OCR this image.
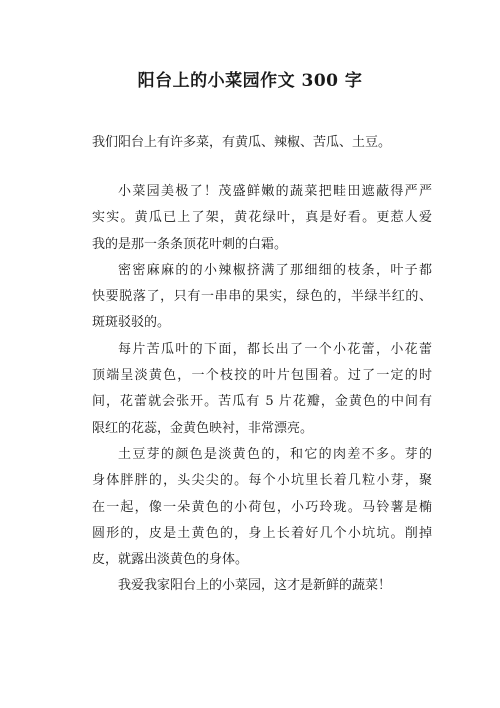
阳台上的小菜园作文 300 字
我们阳台上有许多菜，有黄瓜、辣椒、苦瓜、土豆。
小菜园美极了！茂盛鲜嫩的蔬菜把畦田遮蔽得严严
实实。黄瓜已上了架，黄花绿叶，真是好看。更惹人爱
我的是那一条条顶花叶刺的白霜。
密密麻麻的的小辣椒挤满了那细细的枝条，叶子都
快要脱落了，只有一串串的果实，绿色的，半绿半红的、
斑斑驳驳的。
每片苦瓜叶的下面，都长出了一个小花蕾，小花蕾
顶端呈淡黄色，一个枝挍的叶片包围着。过了一定的时
间，花蕾就会张开。苦瓜有 5 片花瓣，金黄色的中间有
限红的花蕊，金黄色映衬，非常漂亮。
土豆芽的颜色是淡黄色的，和它的肉差不多。芽的
身体胖胖的，头尖尖的。每个小坑里长着几粒小芽，聚
在一起，像一朵黄色的小荷包，小巧玲珑。马铃薯是椭
圆形的，皮是土黄色的，身上长着好几个小坑坑。削掉
皮，就露出淡黄色的身体。
我爱我家阳台上的小菜园，这才是新鲜的蔬菜！
